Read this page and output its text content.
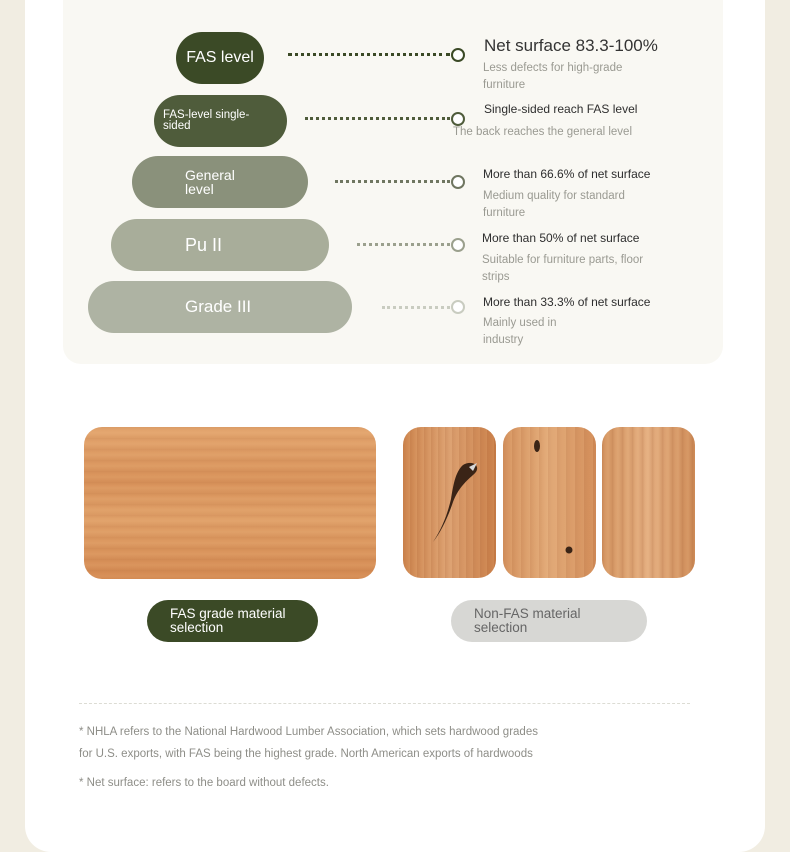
FAS level
Net surface 83.3-100%
Less defects for high-grade furniture
FAS-level single-sided
Single-sided reach FAS level
The back reaches the general level
General level
More than 66.6% of net surface
Medium quality for standard furniture
Pu II	More than 50% of net surface
Suitable for furniture parts, floor strips
Grade III	More than 33.3% of net surface
Mainly used in industry
FAS grade material selection
Non-FAS material selection
* NHLA refers to the National Hardwood Lumber Association, which sets hardwood grades
for U.S. exports, with FAS being the highest grade. North American exports of hardwoods
* Net surface: refers to the board without defects.
